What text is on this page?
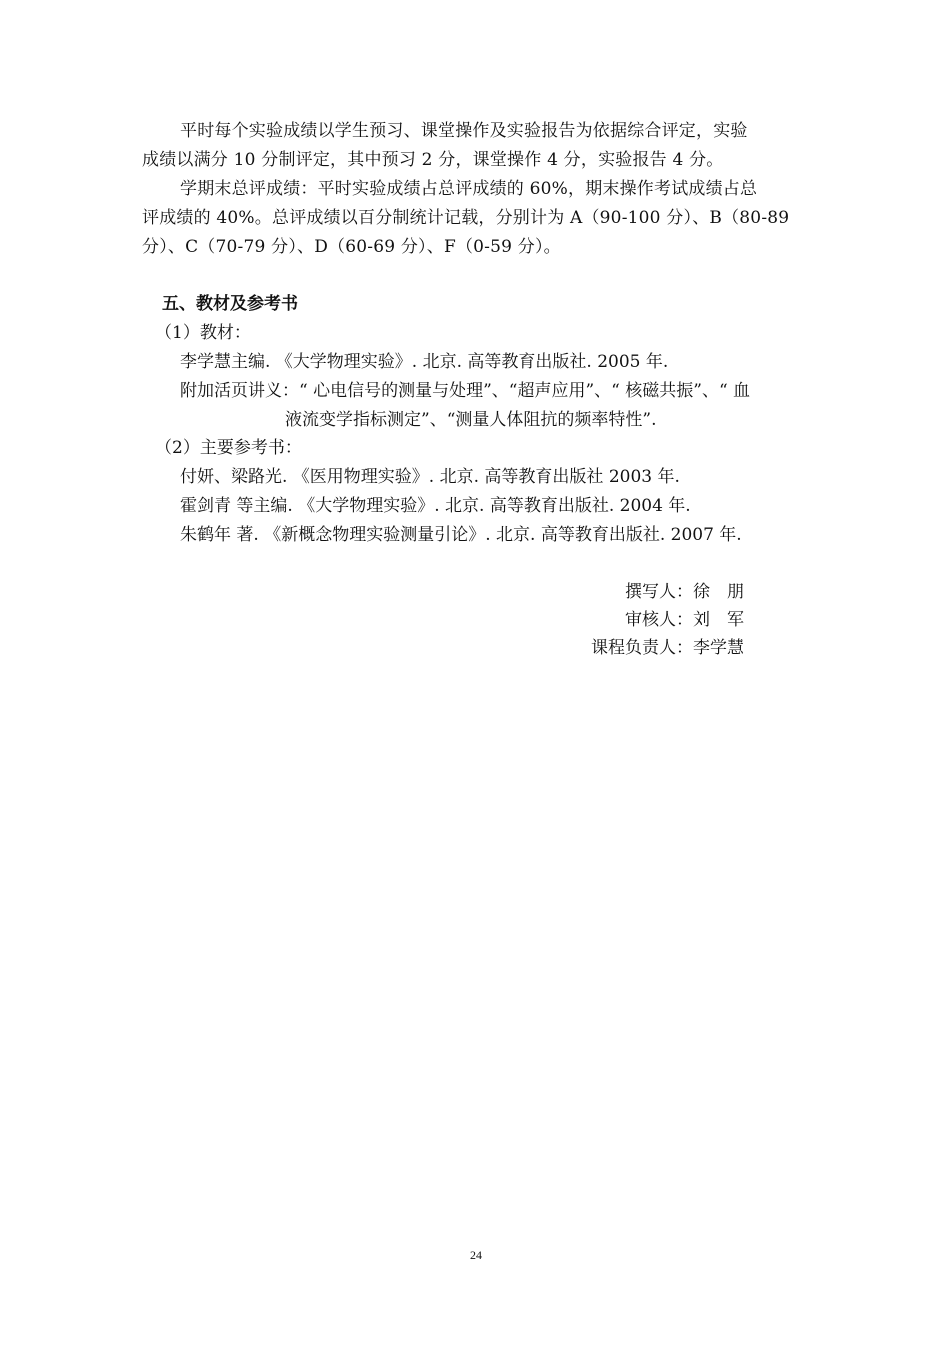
平时每个实验成绩以学生预习、课堂操作及实验报告为依据综合评定，实验
成绩以满分 10 分制评定，其中预习 2 分，课堂操作 4 分，实验报告 4 分。
学期末总评成绩：平时实验成绩占总评成绩的 60%，期末操作考试成绩占总
评成绩的 40%。总评成绩以百分制统计记载，分别计为 A（90-100 分）、B（80-89
分）、C（70-79 分）、D（60-69 分）、F（0-59 分）。
五、教材及参考书
（1）教材：
李学慧主编. 《大学物理实验》. 北京. 高等教育出版社. 2005 年.
附加活页讲义：“ 心电信号的测量与处理”、“超声应用”、“ 核磁共振”、“ 血
液流变学指标测定”、“测量人体阻抗的频率特性”.
（2）主要参考书：
付妍、梁路光. 《医用物理实验》. 北京. 高等教育出版社 2003 年.
霍剑青 等主编. 《大学物理实验》. 北京. 高等教育出版社. 2004 年.
朱鹤年 著. 《新概念物理实验测量引论》. 北京. 高等教育出版社. 2007 年.
撰写人：徐　朋
审核人：刘　军
课程负责人：李学慧
24
